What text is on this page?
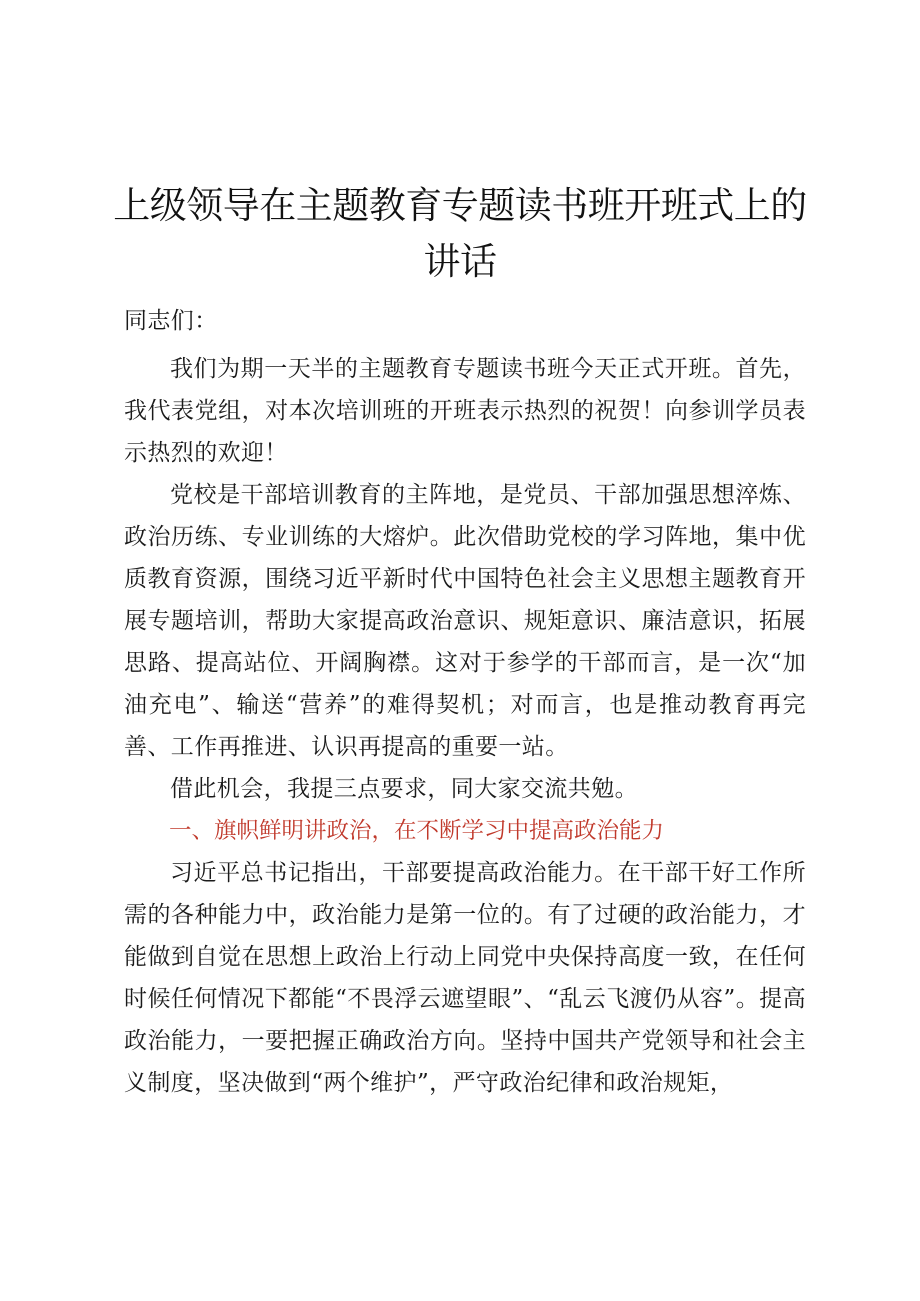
上级领导在主题教育专题读书班开班式上的
讲话

同志们：

我们为期一天半的主题教育专题读书班今天正式开班。首先，我代表党组，对本次培训班的开班表示热烈的祝贺！向参训学员表示热烈的欢迎！

党校是干部培训教育的主阵地，是党员、干部加强思想淬炼、政治历练、专业训练的大熔炉。此次借助党校的学习阵地，集中优质教育资源，围绕习近平新时代中国特色社会主义思想主题教育开展专题培训，帮助大家提高政治意识、规矩意识、廉洁意识，拓展思路、提高站位、开阔胸襟。这对于参学的干部而言，是一次“加油充电”、输送“营养”的难得契机；对而言，也是推动教育再完善、工作再推进、认识再提高的重要一站。

借此机会，我提三点要求，同大家交流共勉。

一、旗帜鲜明讲政治，在不断学习中提高政治能力

习近平总书记指出，干部要提高政治能力。在干部干好工作所需的各种能力中，政治能力是第一位的。有了过硬的政治能力，才能做到自觉在思想上政治上行动上同党中央保持高度一致，在任何时候任何情况下都能“不畏浮云遮望眼”、“乱云飞渡仍从容”。提高政治能力，一要把握正确政治方向。坚持中国共产党领导和社会主义制度，坚决做到“两个维护”，严守政治纪律和政治规矩，
